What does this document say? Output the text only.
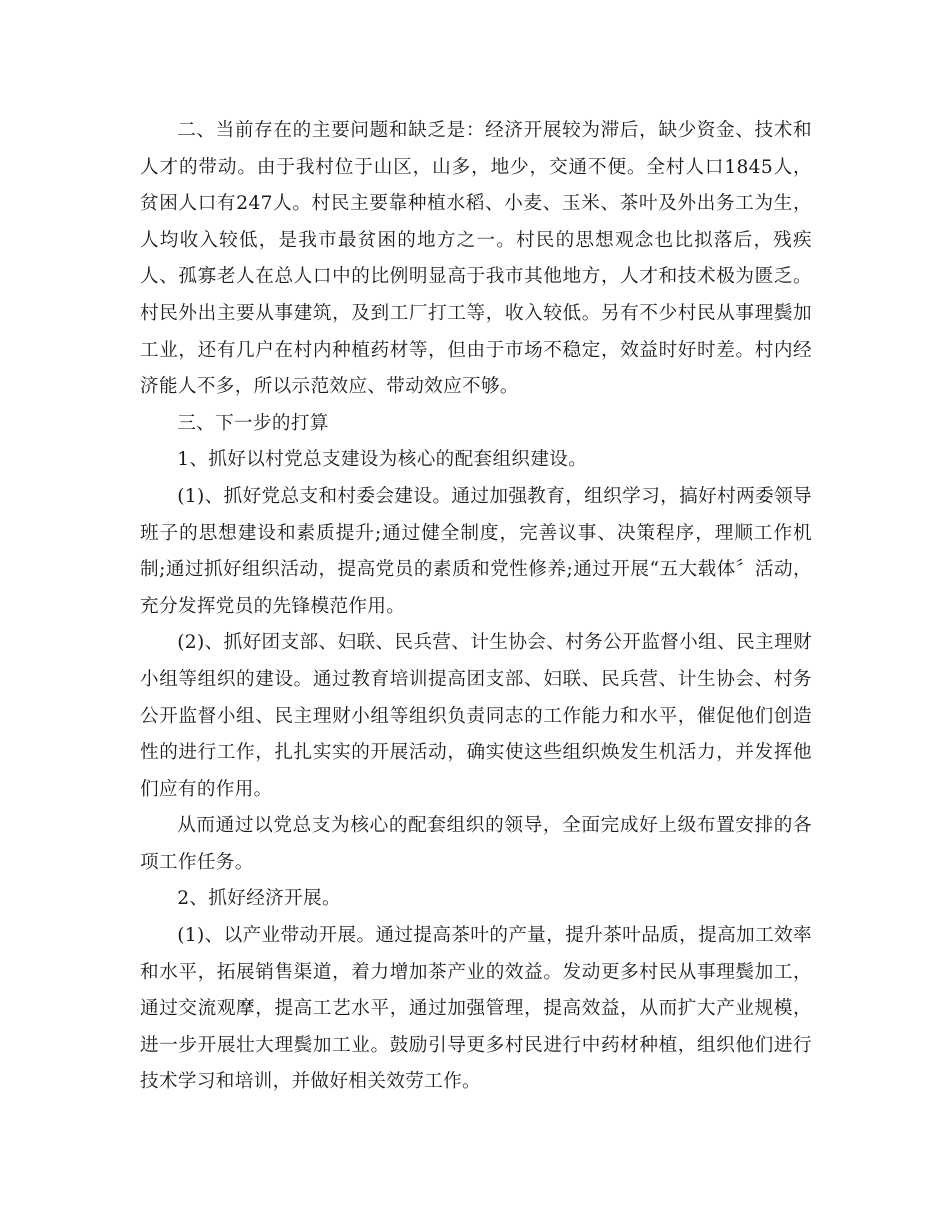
二、当前存在的主要问题和缺乏是：经济开展较为滞后，缺少资金、技术和人才的带动。由于我村位于山区，山多，地少，交通不便。全村人口1845人，贫困人口有247人。村民主要靠种植水稻、小麦、玉米、茶叶及外出务工为生，人均收入较低，是我市最贫困的地方之一。村民的思想观念也比拟落后，残疾人、孤寡老人在总人口中的比例明显高于我市其他地方，人才和技术极为匮乏。村民外出主要从事建筑，及到工厂打工等，收入较低。另有不少村民从事理鬓加工业，还有几户在村内种植药材等，但由于市场不稳定，效益时好时差。村内经济能人不多，所以示范效应、带动效应不够。

三、下一步的打算

1、抓好以村党总支建设为核心的配套组织建设。

(1)、抓好党总支和村委会建设。通过加强教育，组织学习，搞好村两委领导班子的思想建设和素质提升;通过健全制度，完善议事、决策程序，理顺工作机制;通过抓好组织活动，提高党员的素质和党性修养;通过开展“五大载体〞活动，充分发挥党员的先锋模范作用。

(2)、抓好团支部、妇联、民兵营、计生协会、村务公开监督小组、民主理财小组等组织的建设。通过教育培训提高团支部、妇联、民兵营、计生协会、村务公开监督小组、民主理财小组等组织负责同志的工作能力和水平，催促他们创造性的进行工作，扎扎实实的开展活动，确实使这些组织焕发生机活力，并发挥他们应有的作用。

从而通过以党总支为核心的配套组织的领导，全面完成好上级布置安排的各项工作任务。

2、抓好经济开展。

(1)、以产业带动开展。通过提高茶叶的产量，提升茶叶品质，提高加工效率和水平，拓展销售渠道，着力增加茶产业的效益。发动更多村民从事理鬓加工，通过交流观摩，提高工艺水平，通过加强管理，提高效益，从而扩大产业规模，进一步开展壮大理鬓加工业。鼓励引导更多村民进行中药材种植，组织他们进行技术学习和培训，并做好相关效劳工作。
